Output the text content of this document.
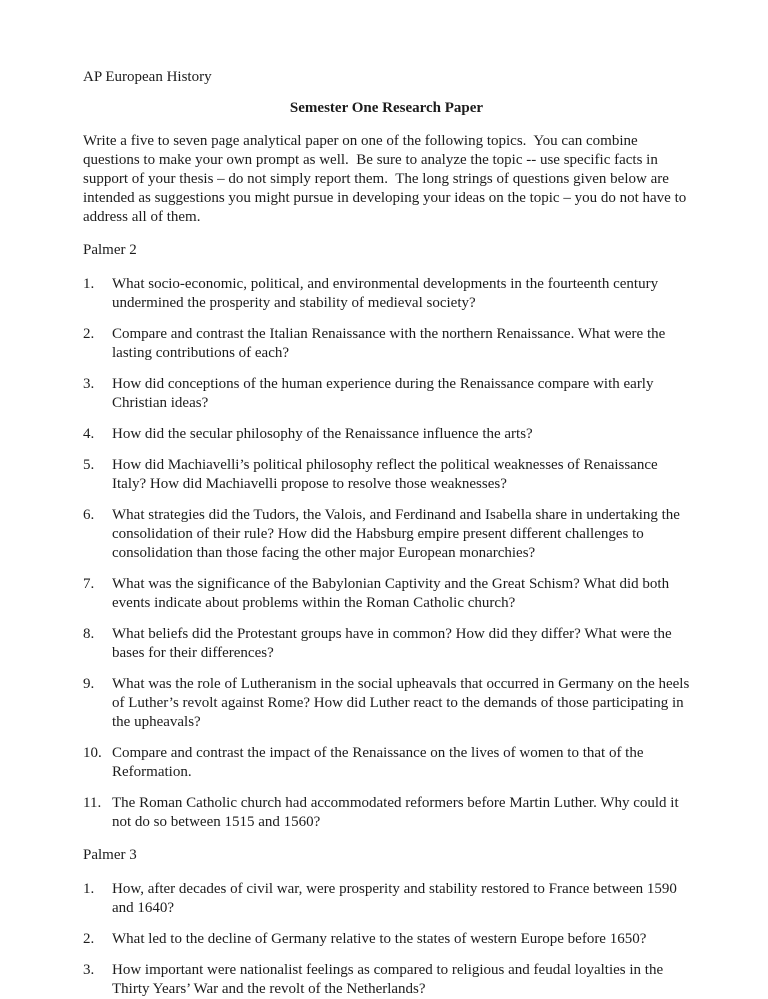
AP European History

Semester One Research Paper

Write a five to seven page analytical paper on one of the following topics.  You can combine questions to make your own prompt as well.  Be sure to analyze the topic -- use specific facts in support of your thesis – do not simply report them.  The long strings of questions given below are intended as suggestions you might pursue in developing your ideas on the topic – you do not have to address all of them.

Palmer 2

1.	What socio-economic, political, and environmental developments in the fourteenth century undermined the prosperity and stability of medieval society?
2.	Compare and contrast the Italian Renaissance with the northern Renaissance. What were the lasting contributions of each?
3.	How did conceptions of the human experience during the Renaissance compare with early Christian ideas?
4.	How did the secular philosophy of the Renaissance influence the arts?
5.	How did Machiavelli’s political philosophy reflect the political weaknesses of Renaissance Italy? How did Machiavelli propose to resolve those weaknesses?
6.	What strategies did the Tudors, the Valois, and Ferdinand and Isabella share in undertaking the consolidation of their rule? How did the Habsburg empire present different challenges to consolidation than those facing the other major European monarchies?
7.	What was the significance of the Babylonian Captivity and the Great Schism? What did both events indicate about problems within the Roman Catholic church?
8.	What beliefs did the Protestant groups have in common? How did they differ? What were the bases for their differences?
9.	What was the role of Lutheranism in the social upheavals that occurred in Germany on the heels of Luther’s revolt against Rome? How did Luther react to the demands of those participating in the upheavals?
10. Compare and contrast the impact of the Renaissance on the lives of women to that of the Reformation.
11. The Roman Catholic church had accommodated reformers before Martin Luther. Why could it not do so between 1515 and 1560?

Palmer 3

1.	How, after decades of civil war, were prosperity and stability restored to France between 1590 and 1640?
2.	What led to the decline of Germany relative to the states of western Europe before 1650?
3.	How important were nationalist feelings as compared to religious and feudal loyalties in the Thirty Years’ War and the revolt of the Netherlands?
